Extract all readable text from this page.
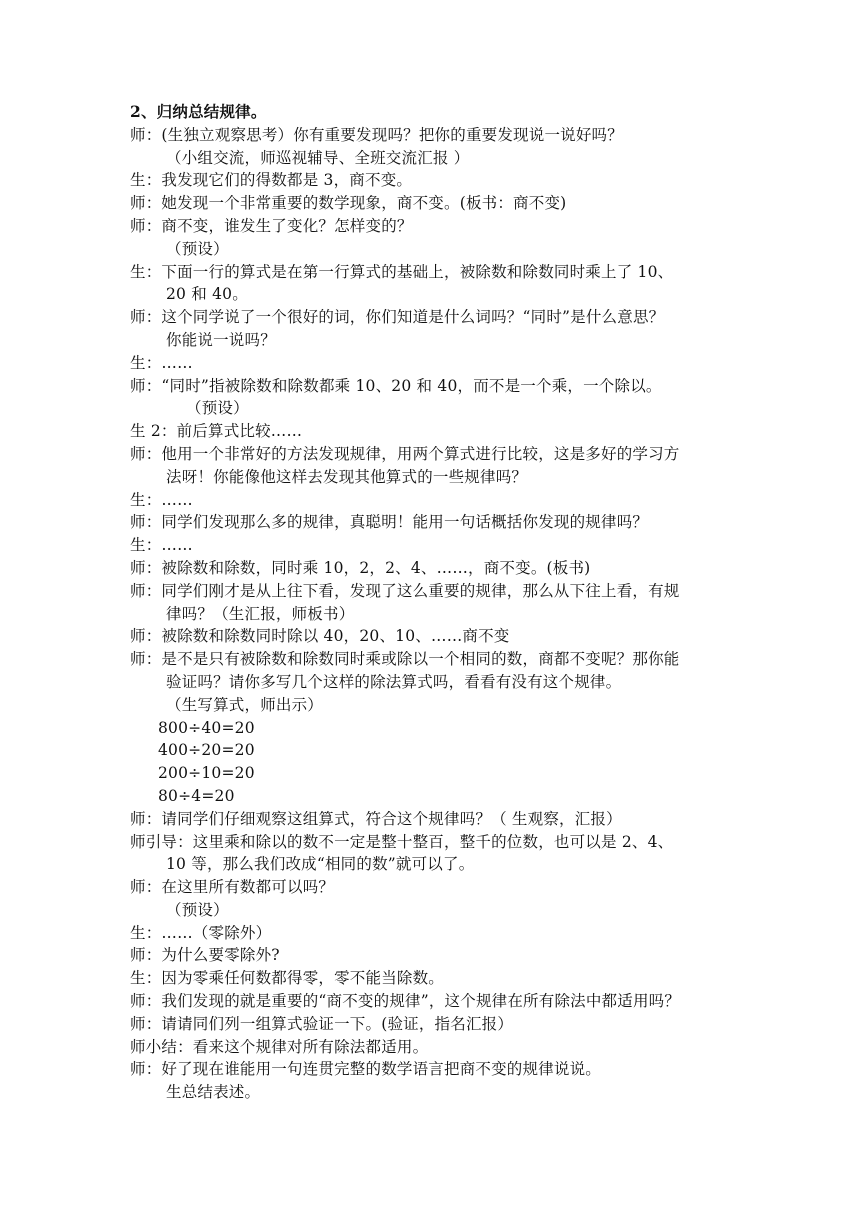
2、归纳总结规律。
师：(生独立观察思考）你有重要发现吗？把你的重要发现说一说好吗？
（小组交流，师巡视辅导、全班交流汇报 ）
生：我发现它们的得数都是 3，商不变。
师：她发现一个非常重要的数学现象，商不变。(板书：商不变)
师：商不变，谁发生了变化？怎样变的？
（预设）
生：下面一行的算式是在第一行算式的基础上，被除数和除数同时乘上了 10、
20 和 40。
师：这个同学说了一个很好的词，你们知道是什么词吗？“同时”是什么意思？
你能说一说吗？
生：……
师：“同时”指被除数和除数都乘 10、20 和 40，而不是一个乘，一个除以。
（预设）
生 2：前后算式比较……
师：他用一个非常好的方法发现规律，用两个算式进行比较，这是多好的学习方
法呀！你能像他这样去发现其他算式的一些规律吗？
生：……
师：同学们发现那么多的规律，真聪明！能用一句话概括你发现的规律吗？
生：……
师：被除数和除数，同时乘 10，2，2、4、……，商不变。(板书)
师：同学们刚才是从上往下看，发现了这么重要的规律，那么从下往上看，有规
律吗？（生汇报，师板书）
师：被除数和除数同时除以 40，20、10、……商不变
师：是不是只有被除数和除数同时乘或除以一个相同的数，商都不变呢？那你能
验证吗？请你多写几个这样的除法算式吗，看看有没有这个规律。
（生写算式，师出示）
800÷40=20
400÷20=20
200÷10=20
80÷4=20
师：请同学们仔细观察这组算式，符合这个规律吗？（ 生观察，汇报）
师引导：这里乘和除以的数不一定是整十整百，整千的位数，也可以是 2、4、
10 等，那么我们改成“相同的数”就可以了。
师：在这里所有数都可以吗？
（预设）
生：……（零除外）
师：为什么要零除外?
生：因为零乘任何数都得零，零不能当除数。
师：我们发现的就是重要的“商不变的规律”，这个规律在所有除法中都适用吗？
师：请请同们列一组算式验证一下。(验证，指名汇报）
师小结：看来这个规律对所有除法都适用。
师：好了现在谁能用一句连贯完整的数学语言把商不变的规律说说。
生总结表述。
